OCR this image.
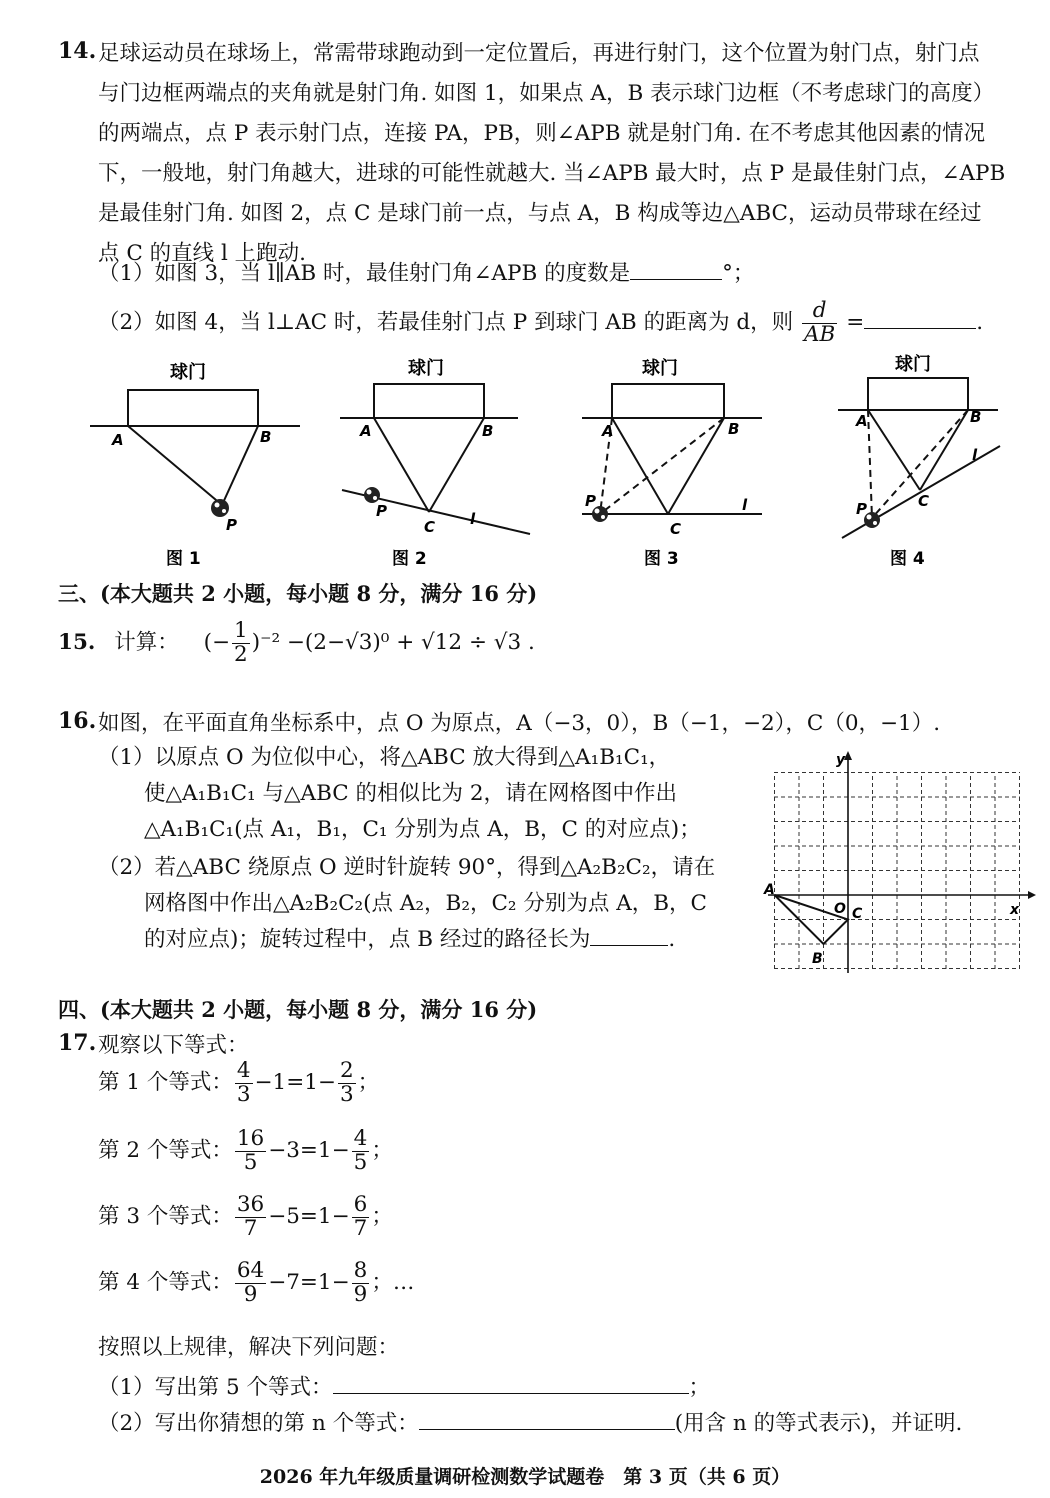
14. 足球运动员在球场上，常需带球跑动到一定位置后，再进行射门，这个位置为射门点，射门点
与门边框两端点的夹角就是射门角. 如图 1，如果点 A，B 表示球门边框（不考虑球门的高度）
的两端点，点 P 表示射门点，连接 PA，PB，则∠APB 就是射门角. 在不考虑其他因素的情况
下，一般地，射门角越大，进球的可能性就越大. 当∠APB 最大时，点 P 是最佳射门点，∠APB
是最佳射门角. 如图 2，点 C 是球门前一点，与点 A，B 构成等边△ABC，运动员带球在经过
点 C 的直线 l 上跑动.
（1）如图 3，当 l∥AB 时，最佳射门角∠APB 的度数是	°；
（2）如图 4，当 l⊥AC 时，若最佳射门点 P 到球门 AB 的距离为 d，则 $\frac{d}{AB}$ =	.
球门	球门	球门	球门
A	B
P
A	B
P
C l
A	B
P
C
l
A	B
P	C
l
图 1	图 2	图 3	图 4
三、(本大题共 2 小题，每小题 8 分，满分 16 分)
15. 计算： (− $\frac{1}{2} )^{-2} -(2-√3)^0 + √12 \div √3$ .
16. 如图，在平面直角坐标系中，点 O 为原点，A（−3，0），B（−1，−2），C（0，−1）.
（1）以原点 O 为位似中心，将△ABC 放大得到△A₁B₁C₁，
使△A₁B₁C₁ 与△ABC 的相似比为 2，请在网格图中作出
△A₁B₁C₁(点 A₁，B₁，C₁ 分别为点 A，B，C 的对应点)；
（2）若△ABC 绕原点 O 逆时针旋转 90°，得到△A₂B₂C₂，请在
网格图中作出△A₂B₂C₂(点 A₂，B₂，C₂ 分别为点 A，B，C
的对应点)；旋转过程中，点 B 经过的路径长为	.
y
x
A
O C
B
四、(本大题共 2 小题，每小题 8 分，满分 16 分)
17. 观察以下等式：
第 1 个等式： $\frac{4}{3} -1=1- \frac{2}{3}$ ；
第 2 个等式： $\frac{16}{5} -3=1- \frac{4}{5}$ ；
第 3 个等式： $\frac{36}{7} -5=1- \frac{6}{7}$ ；
第 4 个等式： $\frac{64}{9} -7=1- \frac{8}{9}$ ；…
按照以上规律，解决下列问题：
（1）写出第 5 个等式：	；
（2）写出你猜想的第 n 个等式：	(用含 n 的等式表示)，并证明.
2026 年九年级质量调研检测数学试题卷　第 3 页（共 6 页）
